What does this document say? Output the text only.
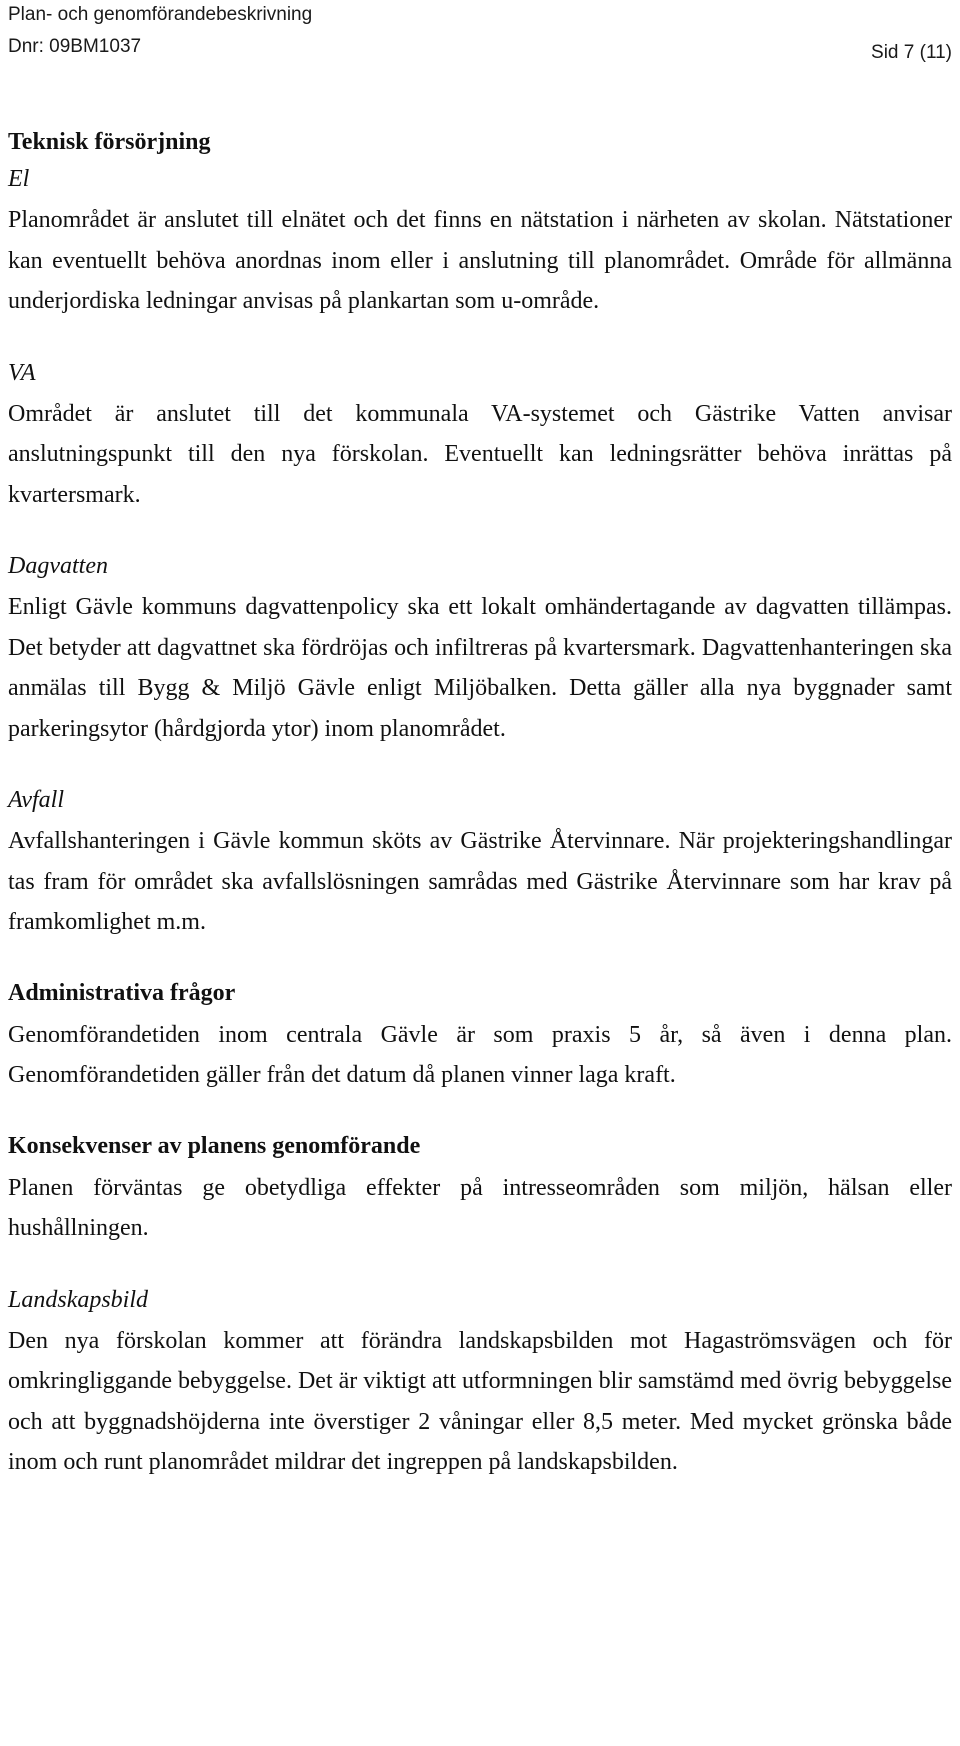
Plan- och genomförandebeskrivning
Dnr: 09BM1037	Sid 7 (11)
Teknisk försörjning
El

Planområdet är anslutet till elnätet och det finns en nätstation i närheten av skolan. Nätstationer kan eventuellt behöva anordnas inom eller i anslutning till planområdet. Område för allmänna underjordiska ledningar anvisas på plankartan som u-område.

VA

Området är anslutet till det kommunala VA-systemet och Gästrike Vatten anvisar anslutningspunkt till den nya förskolan. Eventuellt kan ledningsrätter behöva inrättas på kvartersmark.

Dagvatten

Enligt Gävle kommuns dagvattenpolicy ska ett lokalt omhändertagande av dagvatten tillämpas. Det betyder att dagvattnet ska fördröjas och infiltreras på kvartersmark. Dagvattenhanteringen ska anmälas till Bygg & Miljö Gävle enligt Miljöbalken. Detta gäller alla nya byggnader samt parkeringsytor (hårdgjorda ytor) inom planområdet.

Avfall

Avfallshanteringen i Gävle kommun sköts av Gästrike Återvinnare. När projekteringshandlingar tas fram för området ska avfallslösningen samrådas med Gästrike Återvinnare som har krav på framkomlighet m.m.

Administrativa frågor

Genomförandetiden inom centrala Gävle är som praxis 5 år, så även i denna plan. Genomförandetiden gäller från det datum då planen vinner laga kraft.

Konsekvenser av planens genomförande

Planen förväntas ge obetydliga effekter på intresseområden som miljön, hälsan eller hushållningen.

Landskapsbild

Den nya förskolan kommer att förändra landskapsbilden mot Hagaströmsvägen och för omkringliggande bebyggelse. Det är viktigt att utformningen blir samstämd med övrig bebyggelse och att byggnadshöjderna inte överstiger 2 våningar eller 8,5 meter. Med mycket grönska både inom och runt planområdet mildrar det ingreppen på landskapsbilden.
